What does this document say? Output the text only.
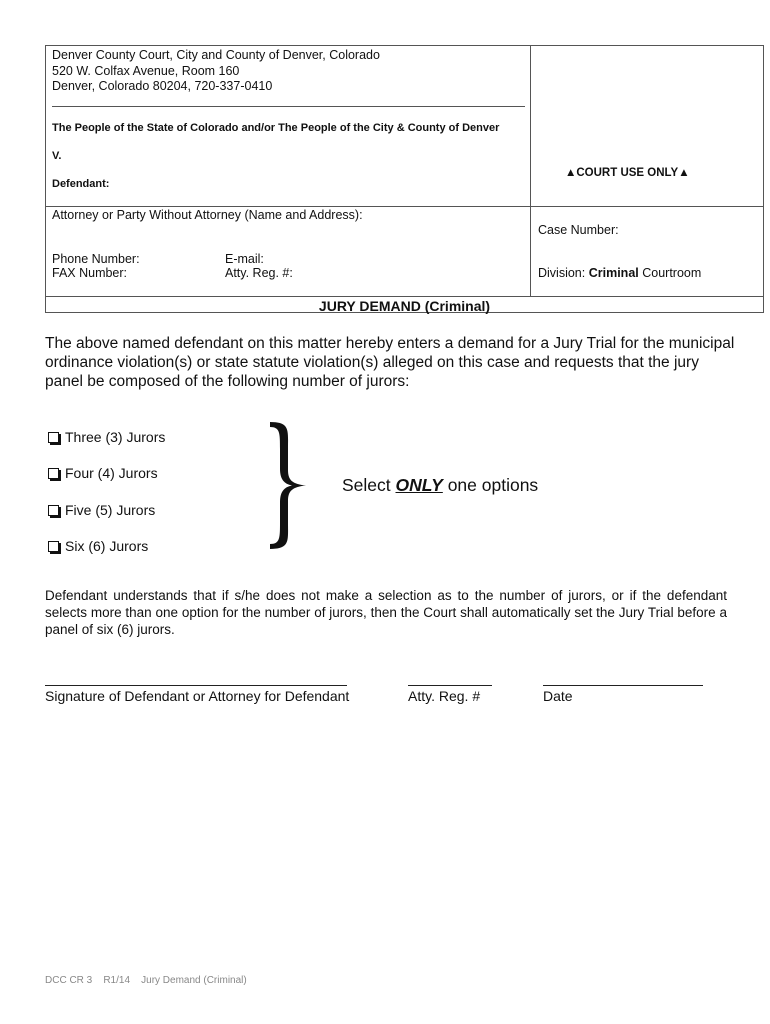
Denver County Court, City and County of Denver, Colorado
520 W. Colfax Avenue, Room 160
Denver, Colorado 80204, 720-337-0410
The People of the State of Colorado and/or The People of the City & County of Denver
V.
Defendant:
▲COURT USE ONLY▲
Attorney or Party Without Attorney (Name and Address):
Phone Number:
FAX Number:
E-mail:
Atty. Reg. #:
Case Number:
Division: Criminal Courtroom
JURY DEMAND (Criminal)
The above named defendant on this matter hereby enters a demand for a Jury Trial for the municipal ordinance violation(s) or state statute violation(s) alleged on this case and requests that the jury panel be composed of the following number of jurors:
Three (3) Jurors
Four (4) Jurors
Five (5) Jurors
Six (6) Jurors
Select ONLY one options
Defendant understands that if s/he does not make a selection as to the number of jurors, or if the defendant selects more than one option for the number of jurors, then the Court shall automatically set the Jury Trial before a panel of six (6) jurors.
Signature of Defendant or Attorney for Defendant	Atty. Reg. #	Date
DCC CR 3    R1/14    Jury Demand (Criminal)
